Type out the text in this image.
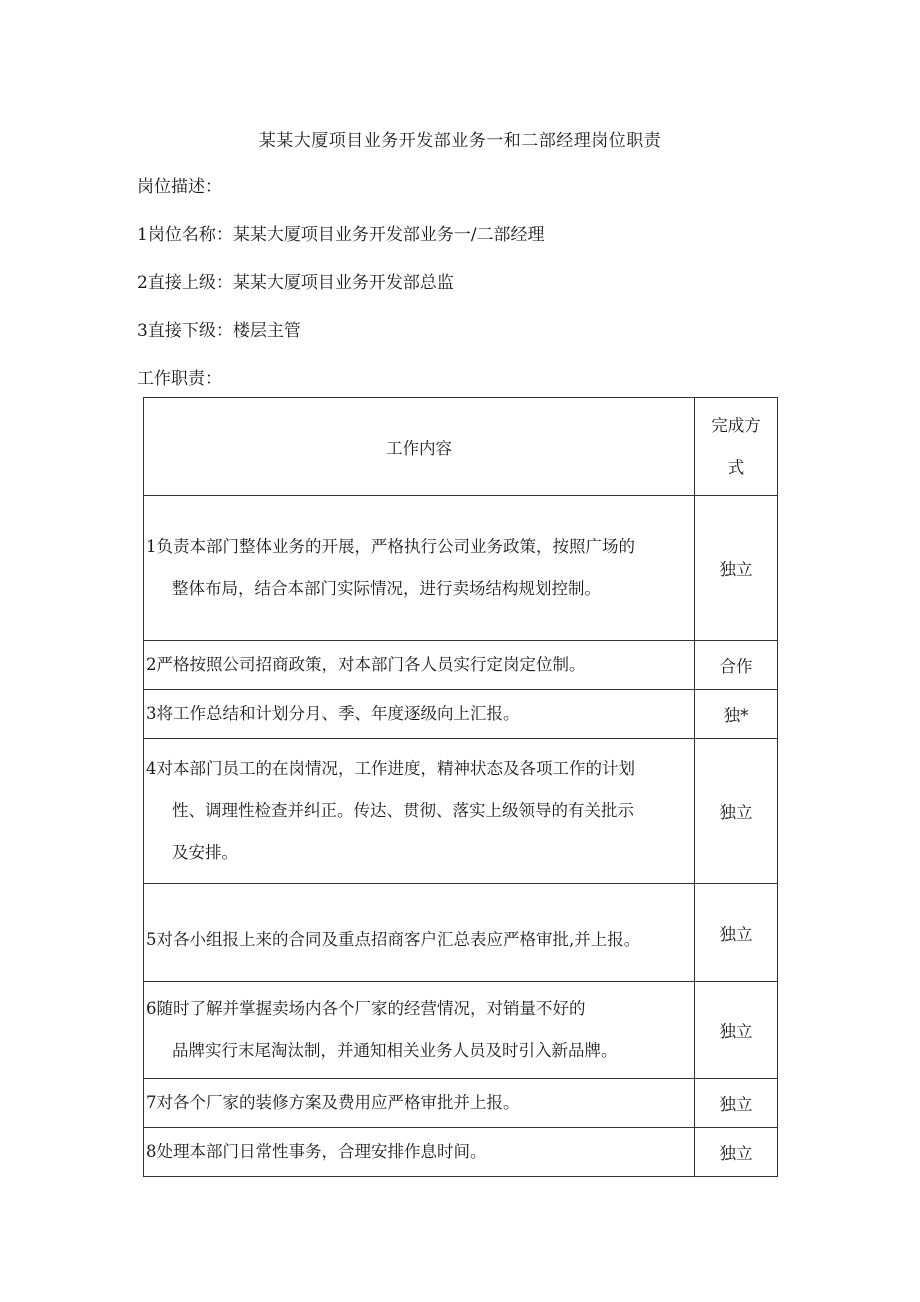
某某大厦项目业务开发部业务一和二部经理岗位职责
岗位描述：
1岗位名称：某某大厦项目业务开发部业务一/二部经理
2直接上级：某某大厦项目业务开发部总监
3直接下级：楼层主管
工作职责：
工作内容	完成方
式

1负责本部门整体业务的开展，严格执行公司业务政策，按照广场的
整体布局，结合本部门实际情况，进行卖场结构规划控制。	独立

2严格按照公司招商政策，对本部门各人员实行定岗定位制。	合作

3将工作总结和计划分月、季、年度逐级向上汇报。	独*

4对本部门员工的在岗情况，工作进度，精神状态及各项工作的计划
性、调理性检查并纠正。传达、贯彻、落实上级领导的有关批示
及安排。	独立

5对各小组报上来的合同及重点招商客户汇总表应严格审批,并上报。	独立

6随时了解并掌握卖场内各个厂家的经营情况，对销量不好的
品牌实行末尾淘汰制，并通知相关业务人员及时引入新品牌。	独立

7对各个厂家的装修方案及费用应严格审批并上报。	独立

8处理本部门日常性事务，合理安排作息时间。	独立
